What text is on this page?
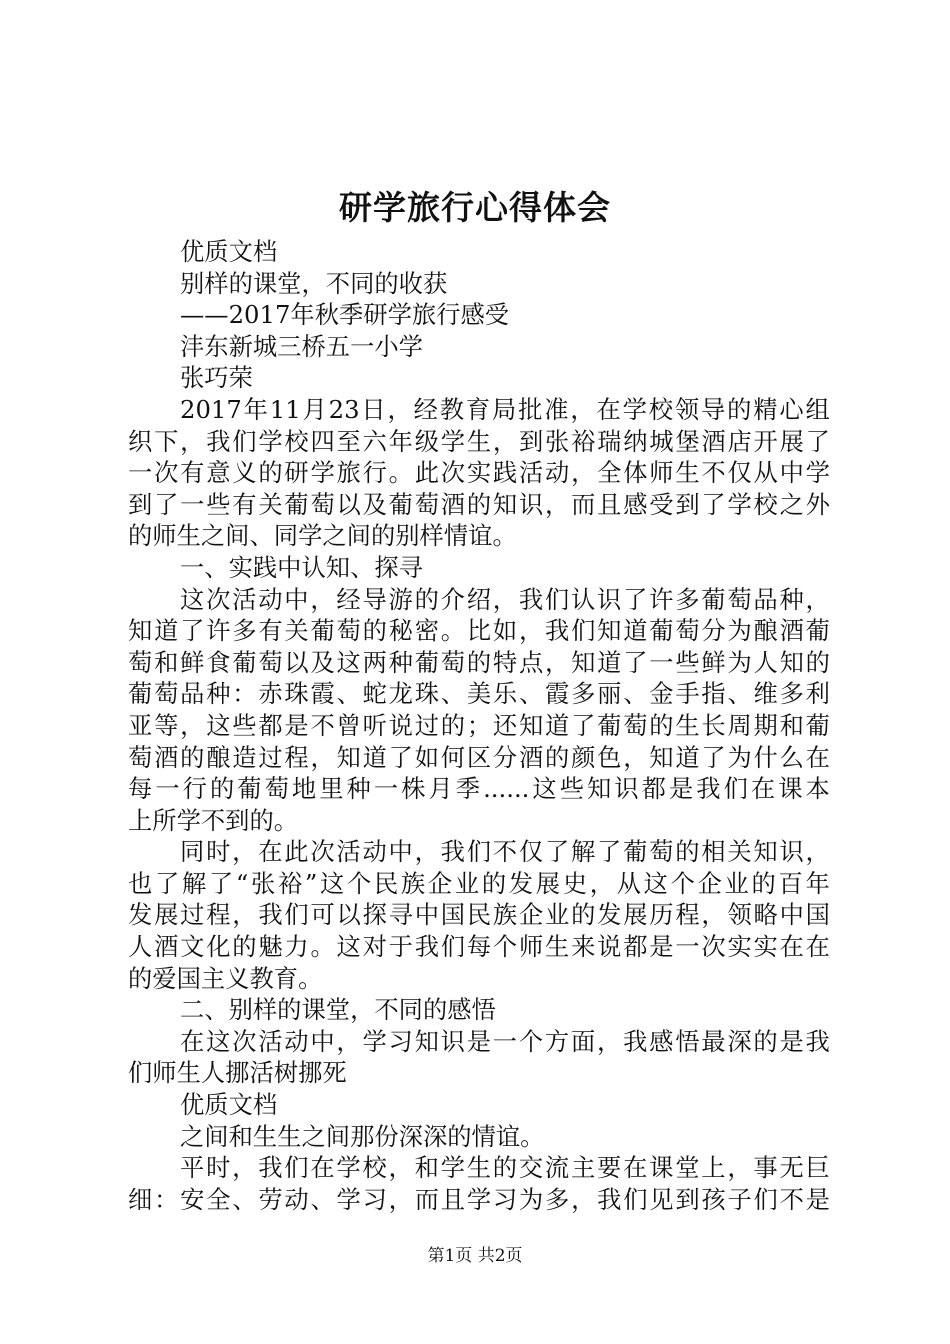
研学旅行心得体会
优质文档
别样的课堂，不同的收获
——2017年秋季研学旅行感受
沣东新城三桥五一小学
张巧荣
2017 年 11 月 23 日 ， 经 教 育 局 批 准 ， 在 学 校 领 导 的 精 心 组
织 下 ， 我 们 学 校 四 至 六 年 级 学 生 ， 到 张 裕 瑞 纳 城 堡 酒 店 开 展 了
一 次 有 意 义 的 研 学 旅 行 。 此 次 实 践 活 动 ， 全 体 师 生 不 仅 从 中 学
到 了 一 些 有 关 葡 萄 以 及 葡 萄 酒 的 知 识 ， 而 且 感 受 到 了 学 校 之 外
的师生之间、同学之间的别样情谊。
一、实践中认知、探寻
这 次 活 动 中 ， 经 导 游 的 介 绍 ， 我 们 认 识 了 许 多 葡 萄 品 种 ，
知 道 了 许 多 有 关 葡 萄 的 秘 密 。 比 如 ， 我 们 知 道 葡 萄 分 为 酿 酒 葡
萄 和 鲜 食 葡 萄 以 及 这 两 种 葡 萄 的 特 点 ， 知 道 了 一 些 鲜 为 人 知 的
葡 萄 品 种 ： 赤 珠 霞 、 蛇 龙 珠 、 美 乐 、 霞 多 丽 、 金 手 指 、 维 多 利
亚 等 ， 这 些 都 是 不 曾 听 说 过 的 ； 还 知 道 了 葡 萄 的 生 长 周 期 和 葡
萄 酒 的 酿 造 过 程 ， 知 道 了 如 何 区 分 酒 的 颜 色 ， 知 道 了 为 什 么 在
每 一 行 的 葡 萄 地 里 种 一 株 月 季 ...... 这 些 知 识 都 是 我 们 在 课 本
上所学不到的。
同 时 ， 在 此 次 活 动 中 ， 我 们 不 仅 了 解 了 葡 萄 的 相 关 知 识 ，
也 了 解 了 “ 张 裕 ” 这 个 民 族 企 业 的 发 展 史 ， 从 这 个 企 业 的 百 年
发 展 过 程 ， 我 们 可 以 探 寻 中 国 民 族 企 业 的 发 展 历 程 ， 领 略 中 国
人 酒 文 化 的 魅 力 。 这 对 于 我 们 每 个 师 生 来 说 都 是 一 次 实 实 在 在
的爱国主义教育。
二、别样的课堂，不同的感悟
在 这 次 活 动 中 ， 学 习 知 识 是 一 个 方 面 ， 我 感 悟 最 深 的 是 我
们师生人挪活树挪死
优质文档
之间和生生之间那份深深的情谊。
平 时 ， 我 们 在 学 校 ， 和 学 生 的 交 流 主 要 在 课 堂 上 ， 事 无 巨
细 ： 安 全 、 劳 动 、 学 习 ， 而 且 学 习 为 多 ， 我 们 见 到 孩 子 们 不 是
第1页 共2页
